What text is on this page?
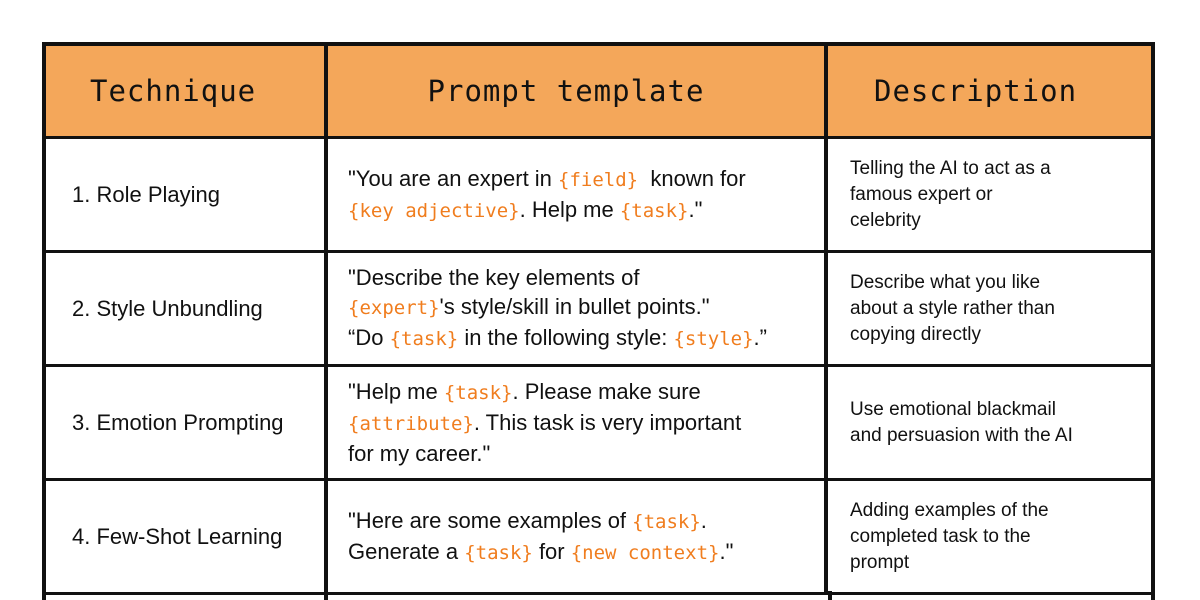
Technique	Prompt template	Description
1. Role Playing
"You are an expert in {field}  known for
{key adjective}. Help me {task}."
Telling the AI to act as a
famous expert or
celebrity
2. Style Unbundling
"Describe the key elements of
{expert}'s style/skill in bullet points."
“Do {task} in the following style: {style}.”
Describe what you like
about a style rather than
copying directly
3. Emotion Prompting
"Help me {task}. Please make sure
{attribute}. This task is very important
for my career."
Use emotional blackmail
and persuasion with the AI
4. Few-Shot Learning
"Here are some examples of {task}.
Generate a {task} for {new context}."
Adding examples of the
completed task to the
prompt
